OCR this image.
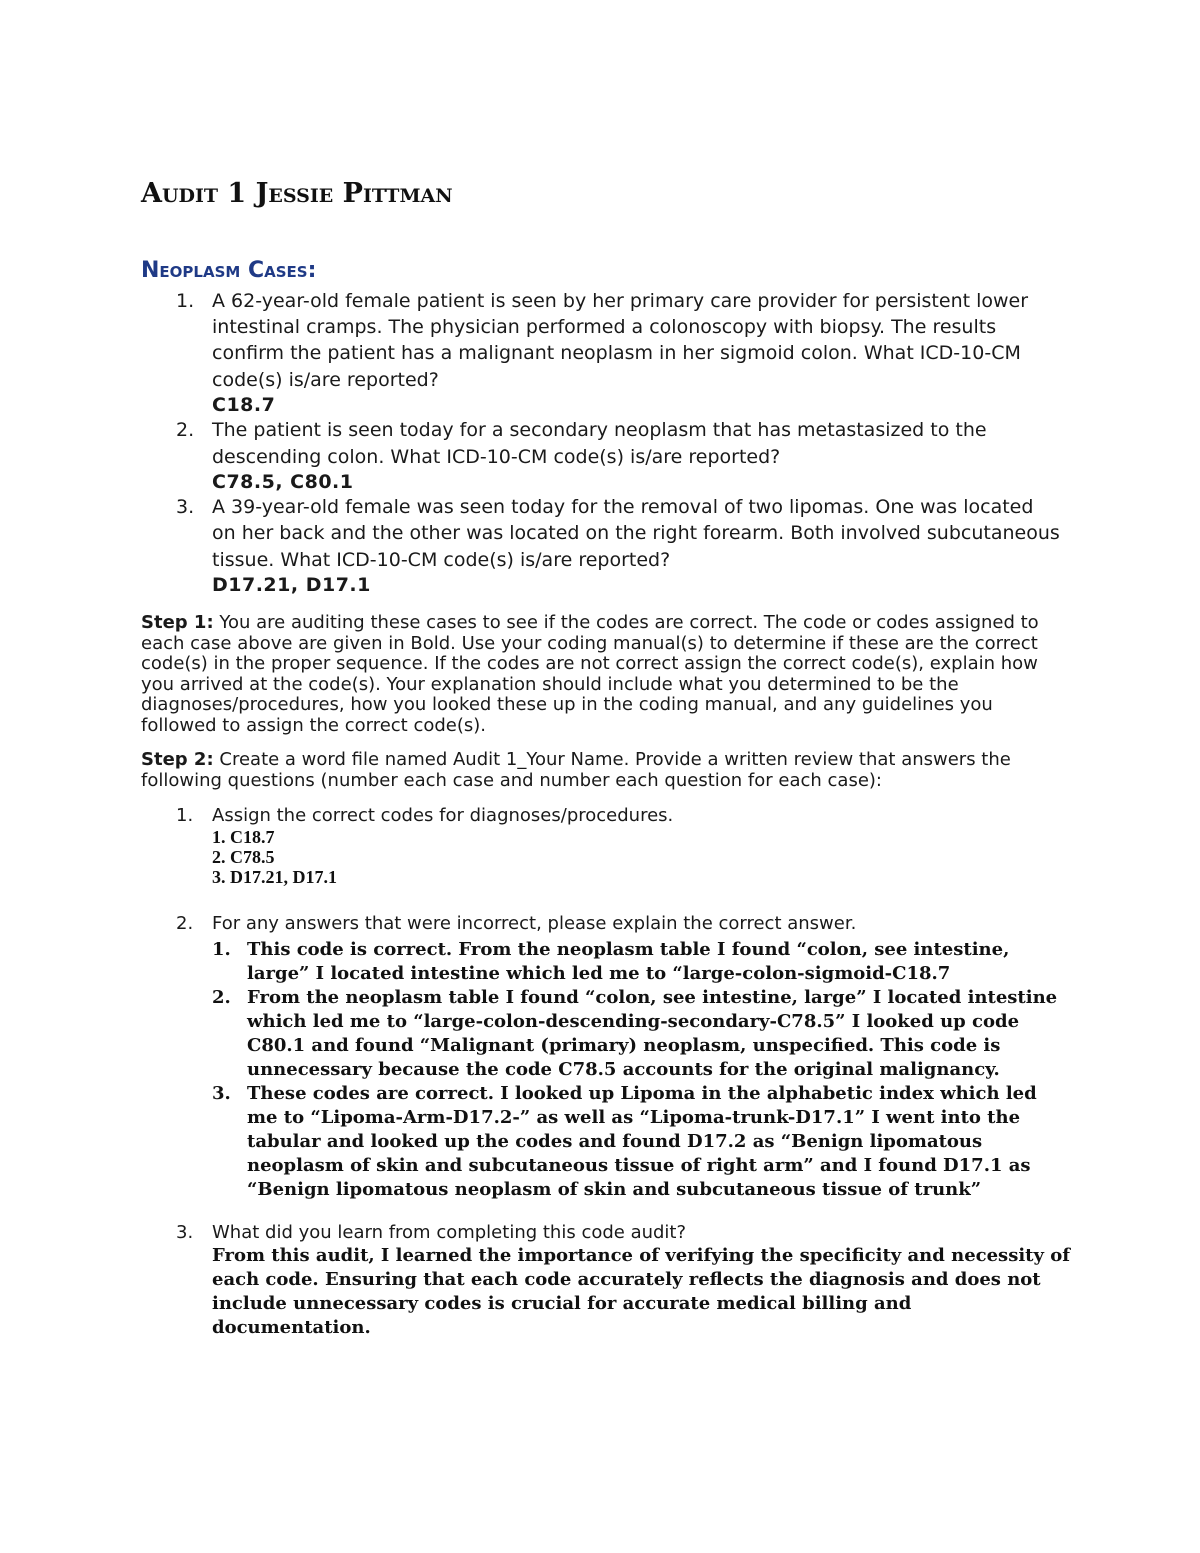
Audit 1 Jessie Pittman
Neoplasm Cases:
1. A 62-year-old female patient is seen by her primary care provider for persistent lower intestinal cramps. The physician performed a colonoscopy with biopsy. The results confirm the patient has a malignant neoplasm in her sigmoid colon. What ICD-10-CM code(s) is/are reported?
C18.7
2. The patient is seen today for a secondary neoplasm that has metastasized to the descending colon. What ICD-10-CM code(s) is/are reported?
C78.5, C80.1
3. A 39-year-old female was seen today for the removal of two lipomas. One was located on her back and the other was located on the right forearm. Both involved subcutaneous tissue. What ICD-10-CM code(s) is/are reported?
D17.21, D17.1

Step 1: You are auditing these cases to see if the codes are correct. The code or codes assigned to each case above are given in Bold. Use your coding manual(s) to determine if these are the correct code(s) in the proper sequence. If the codes are not correct assign the correct code(s), explain how you arrived at the code(s). Your explanation should include what you determined to be the diagnoses/procedures, how you looked these up in the coding manual, and any guidelines you followed to assign the correct code(s).

Step 2: Create a word file named Audit 1_Your Name. Provide a written review that answers the following questions (number each case and number each question for each case):

1. Assign the correct codes for diagnoses/procedures.
1. C18.7
2. C78.5
3. D17.21, D17.1
2. For any answers that were incorrect, please explain the correct answer.
1. This code is correct. From the neoplasm table I found “colon, see intestine, large” I located intestine which led me to “large-colon-sigmoid-C18.7
2. From the neoplasm table I found “colon, see intestine, large” I located intestine which led me to “large-colon-descending-secondary-C78.5” I looked up code C80.1 and found “Malignant (primary) neoplasm, unspecified. This code is unnecessary because the code C78.5 accounts for the original malignancy.
3. These codes are correct. I looked up Lipoma in the alphabetic index which led me to “Lipoma-Arm-D17.2-” as well as “Lipoma-trunk-D17.1” I went into the tabular and looked up the codes and found D17.2 as “Benign lipomatous neoplasm of skin and subcutaneous tissue of right arm” and I found D17.1 as “Benign lipomatous neoplasm of skin and subcutaneous tissue of trunk”
3. What did you learn from completing this code audit?
From this audit, I learned the importance of verifying the specificity and necessity of each code. Ensuring that each code accurately reflects the diagnosis and does not include unnecessary codes is crucial for accurate medical billing and documentation.
